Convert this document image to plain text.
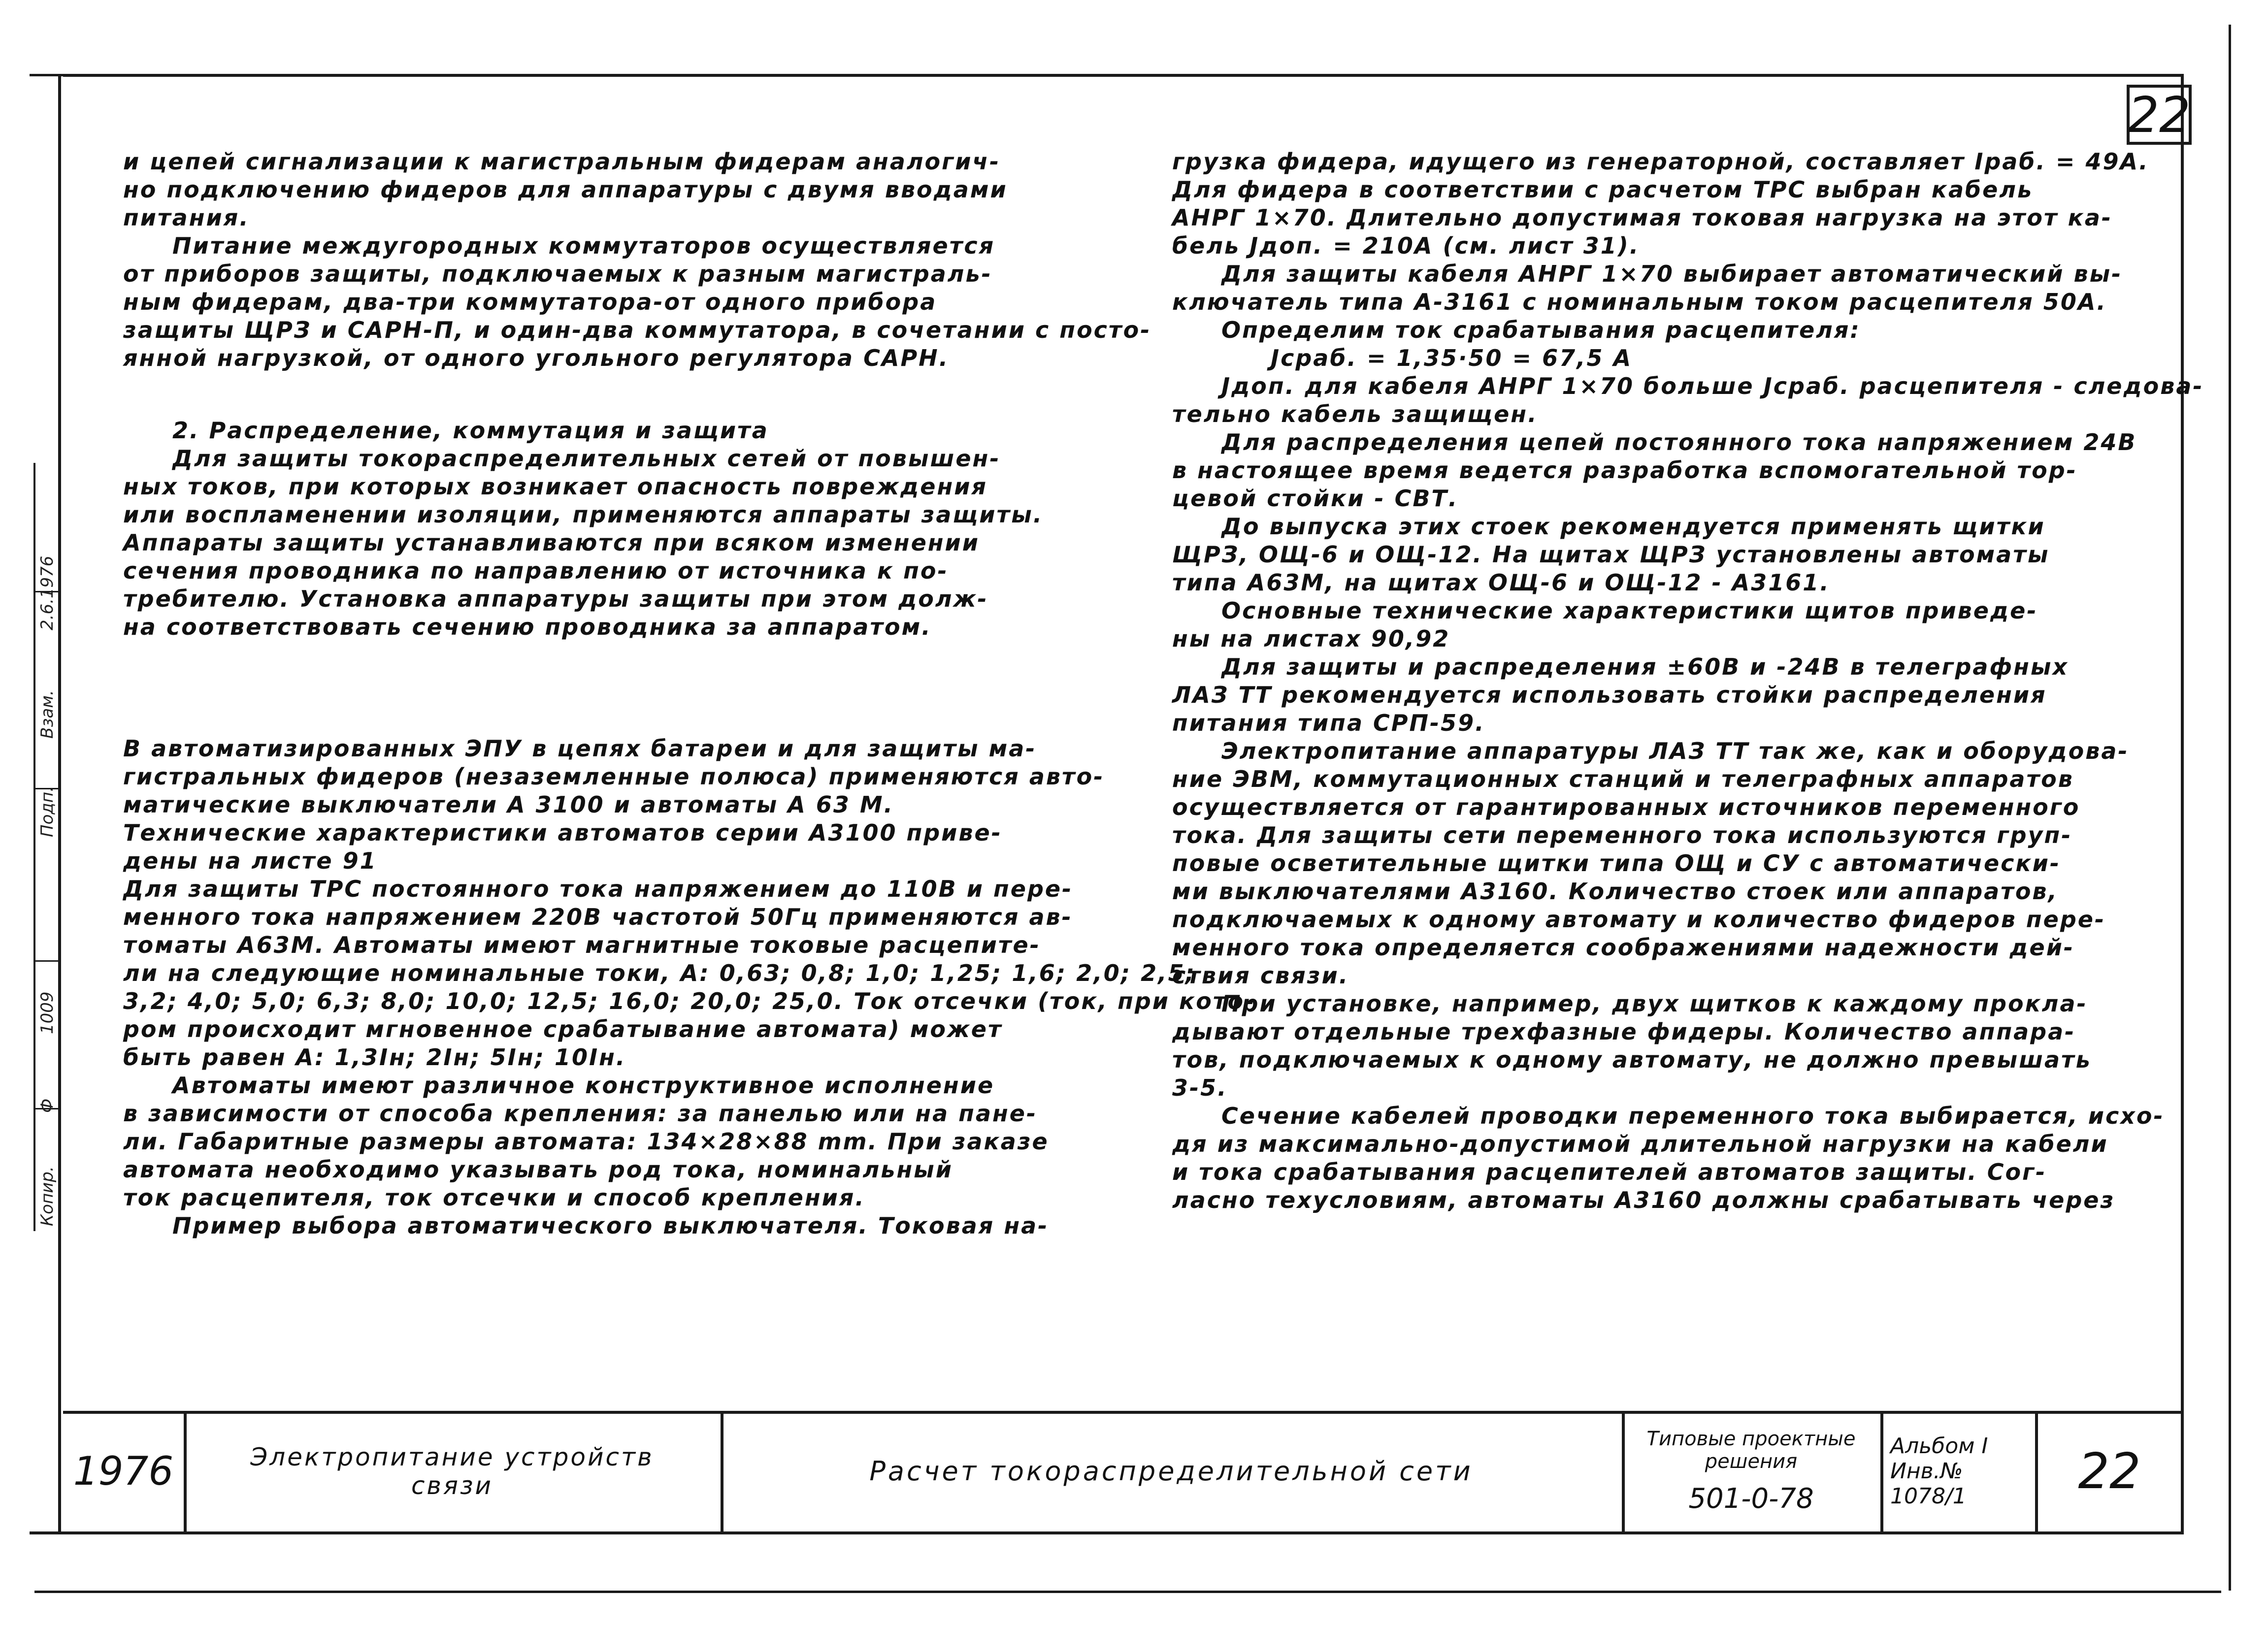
22
Копир.
Ф
1009
Подп.
Взам.
2.6.1976

и цепей сигнализации к магистральным фидерам аналогич-

но подключению фидеров для аппаратуры с двумя вводами

питания.

Питание междугородных коммутаторов осуществляется

от приборов защиты, подключаемых к разным магистраль-

ным фидерам, два-три коммутатора-от одного прибора

защиты ЩРЗ и САРН-П, и один-два коммутатора, в сочетании с посто-

янной нагрузкой, от одного угольного регулятора САРН.

2. Распределение, коммутация и защита

Для защиты токораспределительных сетей от повышен-

ных токов, при которых возникает опасность повреждения

или воспламенении изоляции, применяются аппараты защиты.

Аппараты защиты устанавливаются при всяком изменении

сечения проводника по направлению от источника к по-

требителю. Установка аппаратуры защиты при этом долж-

на соответствовать сечению проводника за аппаратом.

В автоматизированных ЭПУ в цепях батареи и для защиты ма-

гистральных фидеров (незаземленные полюса) применяются авто-

матические выключатели А 3100 и автоматы А 63 М.

Технические характеристики автоматов серии А3100 приве-

дены на листе 91

Для защиты ТРС постоянного тока напряжением до 110В и пере-

менного тока напряжением 220В частотой 50Гц применяются ав-

томаты А63М. Автоматы имеют магнитные токовые расцепите-

ли на следующие номинальные токи, А: 0,63; 0,8; 1,0; 1,25; 1,6; 2,0; 2,5;

3,2; 4,0; 5,0; 6,3; 8,0; 10,0; 12,5; 16,0; 20,0; 25,0. Ток отсечки (ток, при кото-

ром происходит мгновенное срабатывание автомата) может

быть равен А: 1,3Iн; 2Iн; 5Iн; 10Iн.

Автоматы имеют различное конструктивное исполнение

в зависимости от способа крепления: за панелью или на пане-

ли. Габаритные размеры автомата: 134×28×88 mm. При заказе

автомата необходимо указывать род тока, номинальный

ток расцепителя, ток отсечки и способ крепления.

Пример выбора автоматического выключателя. Токовая на-

грузка фидера, идущего из генераторной, составляет Iраб. = 49А.

Для фидера в соответствии с расчетом ТРС выбран кабель

АНРГ 1×70. Длительно допустимая токовая нагрузка на этот ка-

бель Jдоп. = 210А (см. лист 31).

Для защиты кабеля АНРГ 1×70 выбирает автоматический вы-

ключатель типа А-3161 с номинальным током расцепителя 50А.

Определим ток срабатывания расцепителя:

Jсраб. = 1,35·50 = 67,5 А

Jдоп. для кабеля АНРГ 1×70 больше Jсраб. расцепителя - следова-

тельно кабель защищен.

Для распределения цепей постоянного тока напряжением 24В

в настоящее время ведется разработка вспомогательной тор-

цевой стойки - СВТ.

До выпуска этих стоек рекомендуется применять щитки

ЩРЗ, ОЩ-6 и ОЩ-12. На щитах ЩРЗ установлены автоматы

типа А63М, на щитах ОЩ-6 и ОЩ-12 - А3161.

Основные технические характеристики щитов приведе-

ны на листах 90,92

Для защиты и распределения ±60В и -24В в телеграфных

ЛАЗ ТТ рекомендуется использовать стойки распределения

питания типа СРП-59.

Электропитание аппаратуры ЛАЗ ТТ так же, как и оборудова-

ние ЭВМ, коммутационных станций и телеграфных аппаратов

осуществляется от гарантированных источников переменного

тока. Для защиты сети переменного тока используются груп-

повые осветительные щитки типа ОЩ и СУ с автоматически-

ми выключателями А3160. Количество стоек или аппаратов,

подключаемых к одному автомату и количество фидеров пере-

менного тока определяется соображениями надежности дей-

ствия связи.

При установке, например, двух щитков к каждому прокла-

дывают отдельные трехфазные фидеры. Количество аппара-

тов, подключаемых к одному автомату, не должно превышать

3-5.

Сечение кабелей проводки переменного тока выбирается, исхо-

дя из максимально-допустимой длительной нагрузки на кабели

и тока срабатывания расцепителей автоматов защиты. Сог-

ласно техусловиям, автоматы А3160 должны срабатывать через

1976	Электропитание устройств
связи	Расчет токораспределительной сети
Типовые проектные
решения
501-0-78
Альбом I
Инв.№
1078/1 22
